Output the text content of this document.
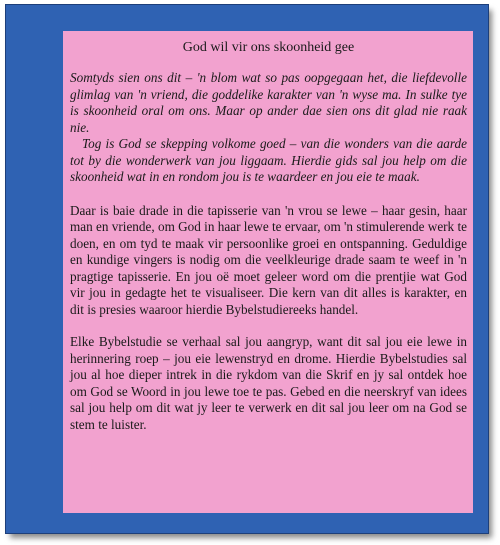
God wil vir ons skoonheid gee

Somtyds sien ons dit – 'n blom wat so pas oopgegaan het, die liefdevolle glimlag van 'n vriend, die goddelike karakter van 'n wyse ma. In sulke tye is skoonheid oral om ons. Maar op ander dae sien ons dit glad nie raak nie.

Tog is God se skepping volkome goed – van die wonders van die aarde tot by die wonderwerk van jou liggaam. Hierdie gids sal jou help om die skoonheid wat in en rondom jou is te waardeer en jou eie te maak.

Daar is baie drade in die tapisserie van 'n vrou se lewe – haar gesin, haar man en vriende, om God in haar lewe te ervaar, om 'n stimulerende werk te doen, en om tyd te maak vir persoonlike groei en ontspanning. Geduldige en kundige vingers is nodig om die veelkleurige drade saam te weef in 'n pragtige tapisserie. En jou oë moet geleer word om die prentjie wat God vir jou in gedagte het te visualiseer. Die kern van dit alles is karakter, en dit is presies waaroor hierdie Bybelstudiereeks handel.

Elke Bybelstudie se verhaal sal jou aangryp, want dit sal jou eie lewe in herinnering roep – jou eie lewenstryd en drome. Hierdie Bybelstudies sal jou al hoe dieper intrek in die rykdom van die Skrif en jy sal ontdek hoe om God se Woord in jou lewe toe te pas. Gebed en die neerskryf van idees sal jou help om dit wat jy leer te verwerk en dit sal jou leer om na God se stem te luister.
